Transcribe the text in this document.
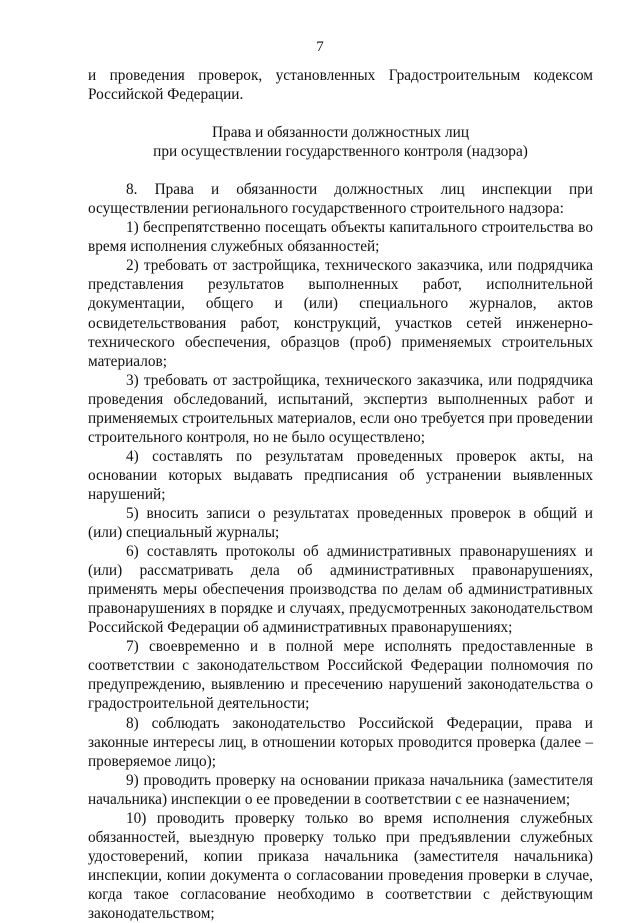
7

и проведения проверок, установленных Градостроительным кодексом Российской Федерации.

Права и обязанности должностных лиц

при осуществлении государственного контроля (надзора)

8. Права и обязанности должностных лиц инспекции при осуществлении регионального государственного строительного надзора:

1) беспрепятственно посещать объекты капитального строительства во время исполнения служебных обязанностей;

2) требовать от застройщика, технического заказчика, или подрядчика представления результатов выполненных работ, исполнительной документации, общего и (или) специального журналов, актов освидетельствования работ, конструкций, участков сетей инженерно-технического обеспечения, образцов (проб) применяемых строительных материалов;

3) требовать от застройщика, технического заказчика, или подрядчика проведения обследований, испытаний, экспертиз выполненных работ и применяемых строительных материалов, если оно требуется при проведении строительного контроля, но не было осуществлено;

4) составлять по результатам проведенных проверок акты, на основании которых выдавать предписания об устранении выявленных нарушений;

5) вносить записи о результатах проведенных проверок в общий и (или) специальный журналы;

6) составлять протоколы об административных правонарушениях и (или) рассматривать дела об административных правонарушениях, применять меры обеспечения производства по делам об административных правонарушениях в порядке и случаях, предусмотренных законодательством Российской Федерации об административных правонарушениях;

7) своевременно и в полной мере исполнять предоставленные в соответствии с законодательством Российской Федерации полномочия по предупреждению, выявлению и пресечению нарушений законодательства о градостроительной деятельности;

8) соблюдать законодательство Российской Федерации, права и законные интересы лиц, в отношении которых проводится проверка (далее – проверяемое лицо);

9) проводить проверку на основании приказа начальника (заместителя начальника) инспекции о ее проведении в соответствии с ее назначением;

10) проводить проверку только во время исполнения служебных обязанностей, выездную проверку только при предъявлении служебных удостоверений, копии приказа начальника (заместителя начальника) инспекции, копии документа о согласовании проведения проверки в случае, когда такое согласование необходимо в соответствии с действующим законодательством;
